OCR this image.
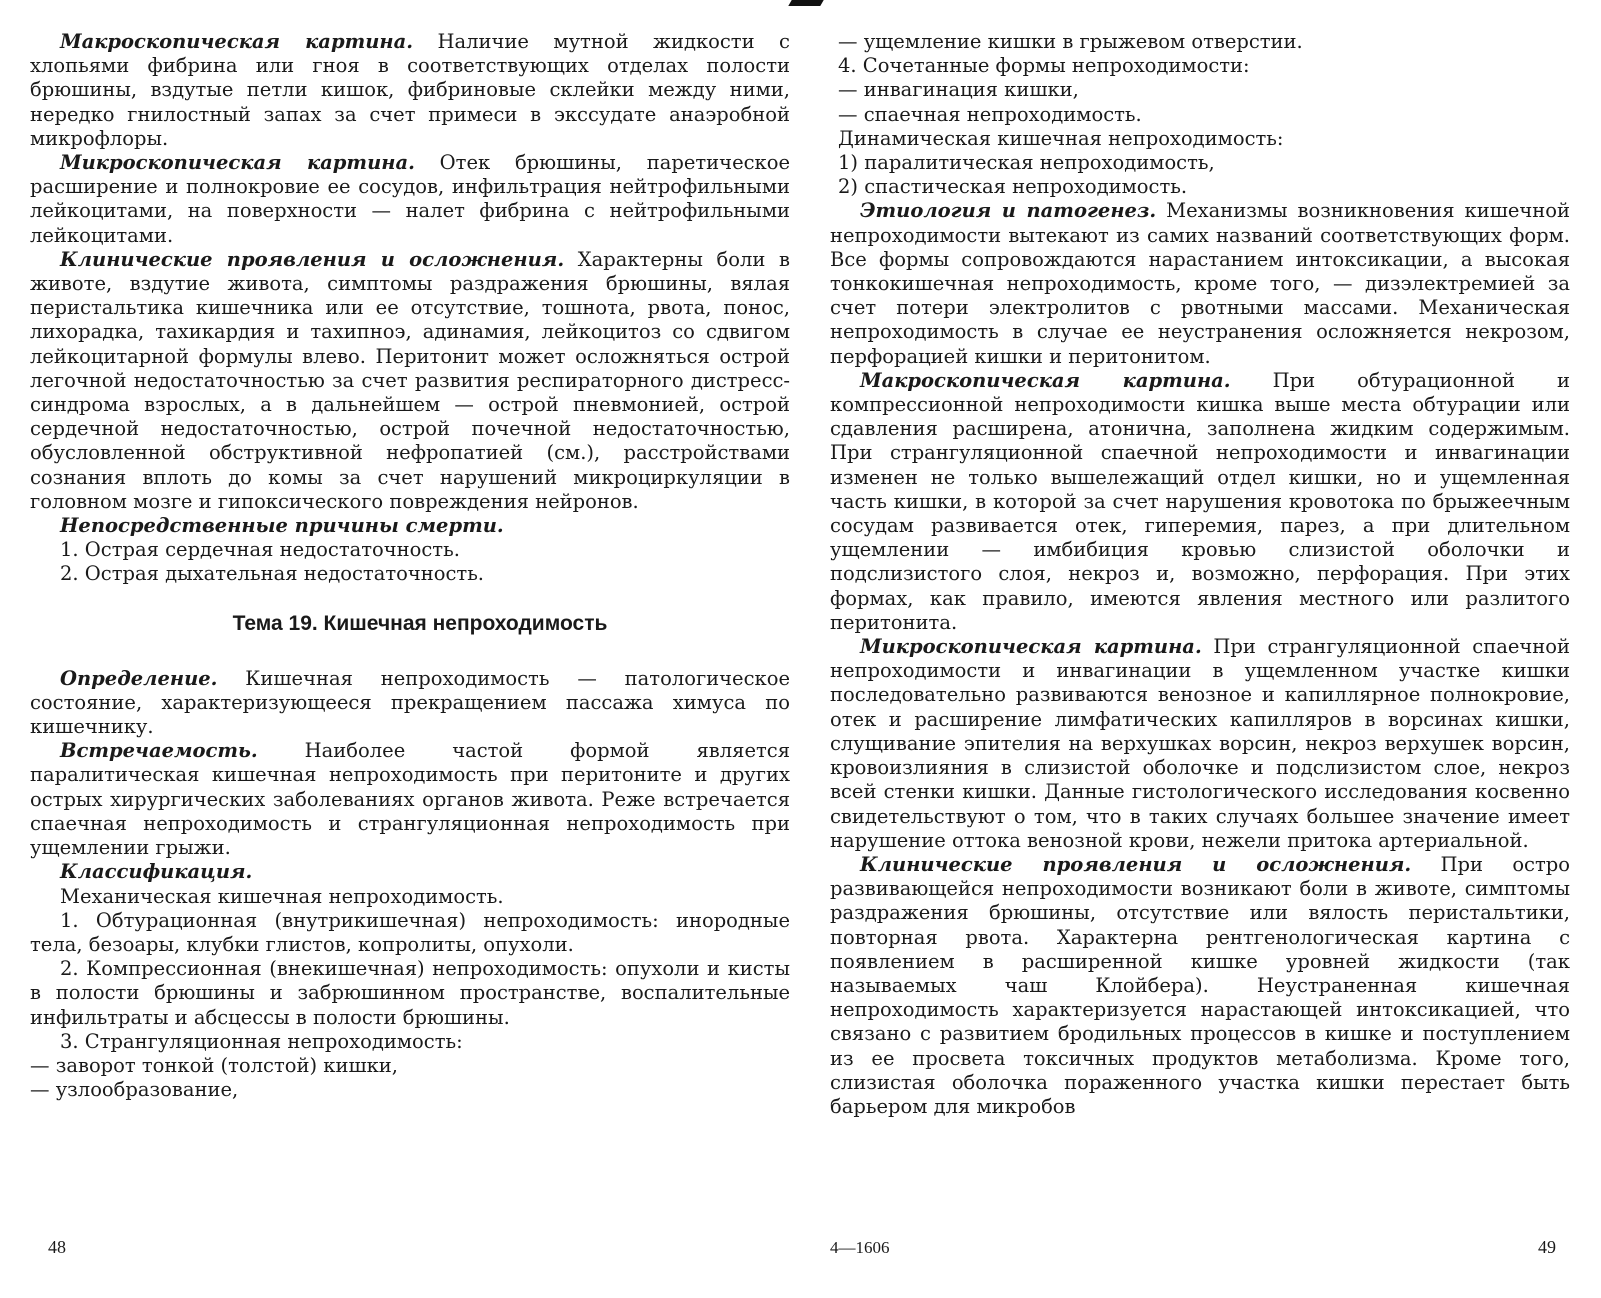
Макроскопическая картина. Наличие мутной жидкости с хлопьями фибрина или гноя в соответствующих отделах полости брюшины, вздутые петли кишок, фибриновые склейки между ними, нередко гнилостный запах за счет примеси в экссудате анаэробной микрофлоры.

Микроскопическая картина. Отек брюшины, паретическое расширение и полнокровие ее сосудов, инфильтрация нейтрофильными лейкоцитами, на поверхности — налет фибрина с нейтрофильными лейкоцитами.

Клинические проявления и осложнения. Характерны боли в животе, вздутие живота, симптомы раздражения брюшины, вялая перистальтика кишечника или ее отсутствие, тошнота, рвота, понос, лихорадка, тахикардия и тахипноэ, адинамия, лейкоцитоз со сдвигом лейкоцитарной формулы влево. Перитонит может осложняться острой легочной недостаточностью за счет развития респираторного дистресс-синдрома взрослых, а в дальнейшем — острой пневмонией, острой сердечной недостаточностью, острой почечной недостаточностью, обусловленной обструктивной нефропатией (см.), расстройствами сознания вплоть до комы за счет нарушений микроциркуляции в головном мозге и гипоксического повреждения нейронов.

Непосредственные причины смерти.

1. Острая сердечная недостаточность.

2. Острая дыхательная недостаточность.

Тема 19. Кишечная непроходимость

Определение. Кишечная непроходимость — патологическое состояние, характеризующееся прекращением пассажа химуса по кишечнику.

Встречаемость. Наиболее частой формой является паралитическая кишечная непроходимость при перитоните и других острых хирургических заболеваниях органов живота. Реже встречается спаечная непроходимость и странгуляционная непроходимость при ущемлении грыжи.

Классификация.

Механическая кишечная непроходимость.

1. Обтурационная (внутрикишечная) непроходимость: инородные тела, безоары, клубки глистов, копролиты, опухоли.

2. Компрессионная (внекишечная) непроходимость: опухоли и кисты в полости брюшины и забрюшинном пространстве, воспалительные инфильтраты и абсцессы в полости брюшины.

3. Странгуляционная непроходимость:

— заворот тонкой (толстой) кишки,

— узлообразование,

— ущемление кишки в грыжевом отверстии.

4. Сочетанные формы непроходимости:

— инвагинация кишки,

— спаечная непроходимость.

Динамическая кишечная непроходимость:

1) паралитическая непроходимость,

2) спастическая непроходимость.

Этиология и патогенез. Механизмы возникновения кишечной непроходимости вытекают из самих названий соответствующих форм. Все формы сопровождаются нарастанием интоксикации, а высокая тонкокишечная непроходимость, кроме того, — дизэлектремией за счет потери электролитов с рвотными массами. Механическая непроходимость в случае ее неустранения осложняется некрозом, перфорацией кишки и перитонитом.

Макроскопическая картина. При обтурационной и компрессионной непроходимости кишка выше места обтурации или сдавления расширена, атонична, заполнена жидким содержимым. При странгуляционной спаечной непроходимости и инвагинации изменен не только вышележащий отдел кишки, но и ущемленная часть кишки, в которой за счет нарушения кровотока по брыжеечным сосудам развивается отек, гиперемия, парез, а при длительном ущемлении — имбибиция кровью слизистой оболочки и подслизистого слоя, некроз и, возможно, перфорация. При этих формах, как правило, имеются явления местного или разлитого перитонита.

Микроскопическая картина. При странгуляционной спаечной непроходимости и инвагинации в ущемленном участке кишки последовательно развиваются венозное и капиллярное полнокровие, отек и расширение лимфатических капилляров в ворсинах кишки, слущивание эпителия на верхушках ворсин, некроз верхушек ворсин, кровоизлияния в слизистой оболочке и подслизистом слое, некроз всей стенки кишки. Данные гистологического исследования косвенно свидетельствуют о том, что в таких случаях большее значение имеет нарушение оттока венозной крови, нежели притока артериальной.

Клинические проявления и осложнения. При остро развивающейся непроходимости возникают боли в животе, симптомы раздражения брюшины, отсутствие или вялость перистальтики, повторная рвота. Характерна рентгенологическая картина с появлением в расширенной кишке уровней жидкости (так называемых чаш Клойбера). Неустраненная кишечная непроходимость характеризуется нарастающей интоксикацией, что связано с развитием бродильных процессов в кишке и поступлением из ее просвета токсичных продуктов метаболизма. Кроме того, слизистая оболочка пораженного участка кишки перестает быть барьером для микробов

48	4—1606	49
